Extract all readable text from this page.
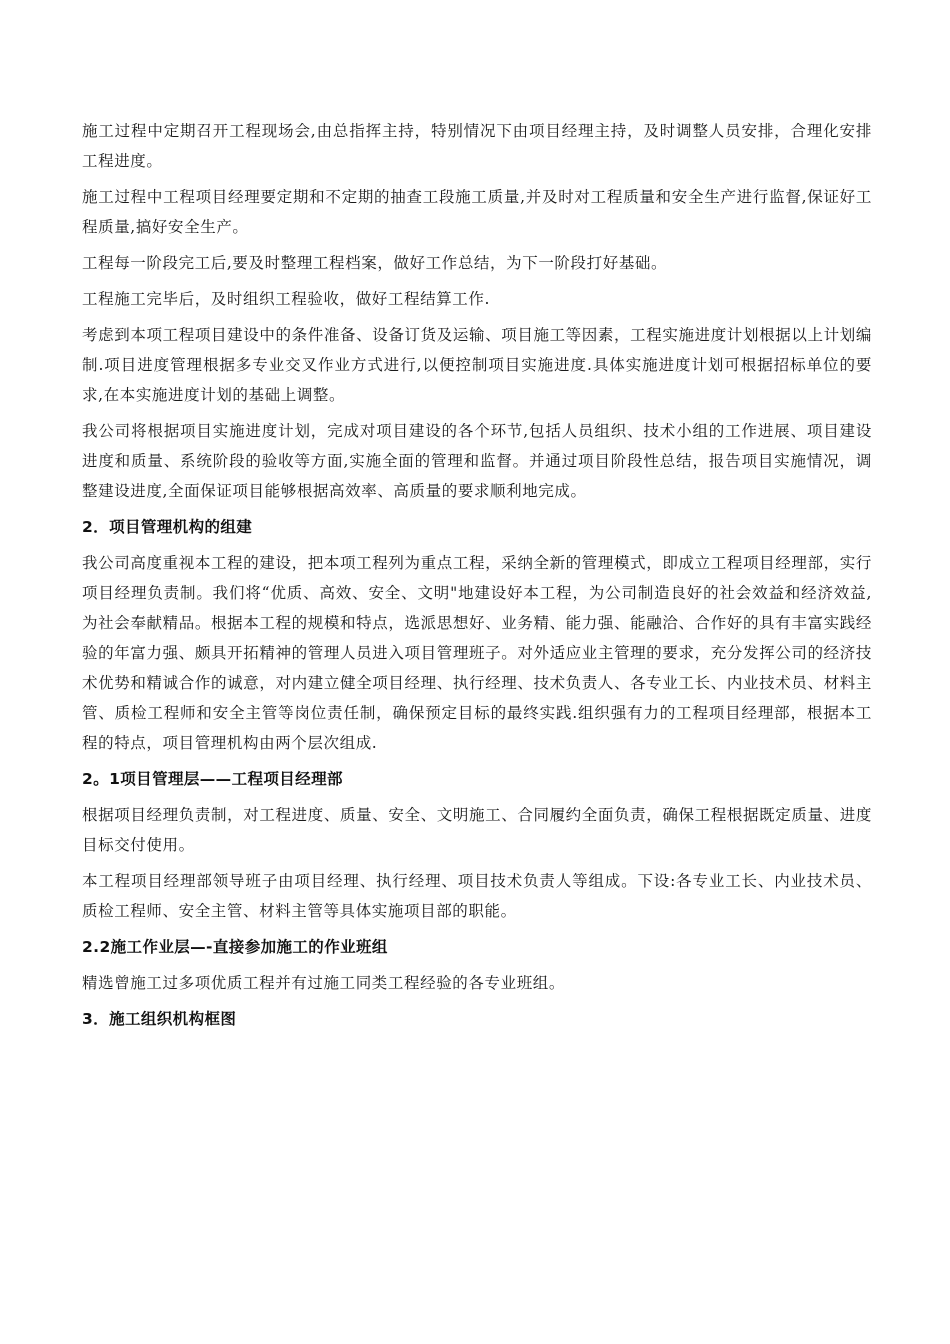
施工过程中定期召开工程现场会,由总指挥主持，特别情况下由项目经理主持，及时调整人员安排，合理化安排工程进度。

施工过程中工程项目经理要定期和不定期的抽查工段施工质量,并及时对工程质量和安全生产进行监督,保证好工程质量,搞好安全生产。

工程每一阶段完工后,要及时整理工程档案，做好工作总结，为下一阶段打好基础。

工程施工完毕后，及时组织工程验收，做好工程结算工作.

考虑到本项工程项目建设中的条件准备、设备订货及运输、项目施工等因素，工程实施进度计划根据以上计划编制.项目进度管理根据多专业交叉作业方式进行,以便控制项目实施进度.具体实施进度计划可根据招标单位的要求,在本实施进度计划的基础上调整。

我公司将根据项目实施进度计划，完成对项目建设的各个环节,包括人员组织、技术小组的工作进展、项目建设进度和质量、系统阶段的验收等方面,实施全面的管理和监督。并通过项目阶段性总结，报告项目实施情况，调整建设进度,全面保证项目能够根据高效率、高质量的要求顺利地完成。

2．项目管理机构的组建

我公司高度重视本工程的建设，把本项工程列为重点工程，采纳全新的管理模式，即成立工程项目经理部，实行项目经理负责制。我们将“优质、高效、安全、文明"地建设好本工程，为公司制造良好的社会效益和经济效益,为社会奉献精品。根据本工程的规模和特点，选派思想好、业务精、能力强、能融洽、合作好的具有丰富实践经验的年富力强、颇具开拓精神的管理人员进入项目管理班子。对外适应业主管理的要求，充分发挥公司的经济技术优势和精诚合作的诚意，对内建立健全项目经理、执行经理、技术负责人、各专业工长、内业技术员、材料主管、质检工程师和安全主管等岗位责任制，确保预定目标的最终实践.组织强有力的工程项目经理部，根据本工程的特点，项目管理机构由两个层次组成.

2。1项目管理层——工程项目经理部

根据项目经理负责制，对工程进度、质量、安全、文明施工、合同履约全面负责，确保工程根据既定质量、进度目标交付使用。

本工程项目经理部领导班子由项目经理、执行经理、项目技术负责人等组成。下设:各专业工长、内业技术员、质检工程师、安全主管、材料主管等具体实施项目部的职能。

2.2施工作业层—-直接参加施工的作业班组

精选曾施工过多项优质工程并有过施工同类工程经验的各专业班组。

3．施工组织机构框图
